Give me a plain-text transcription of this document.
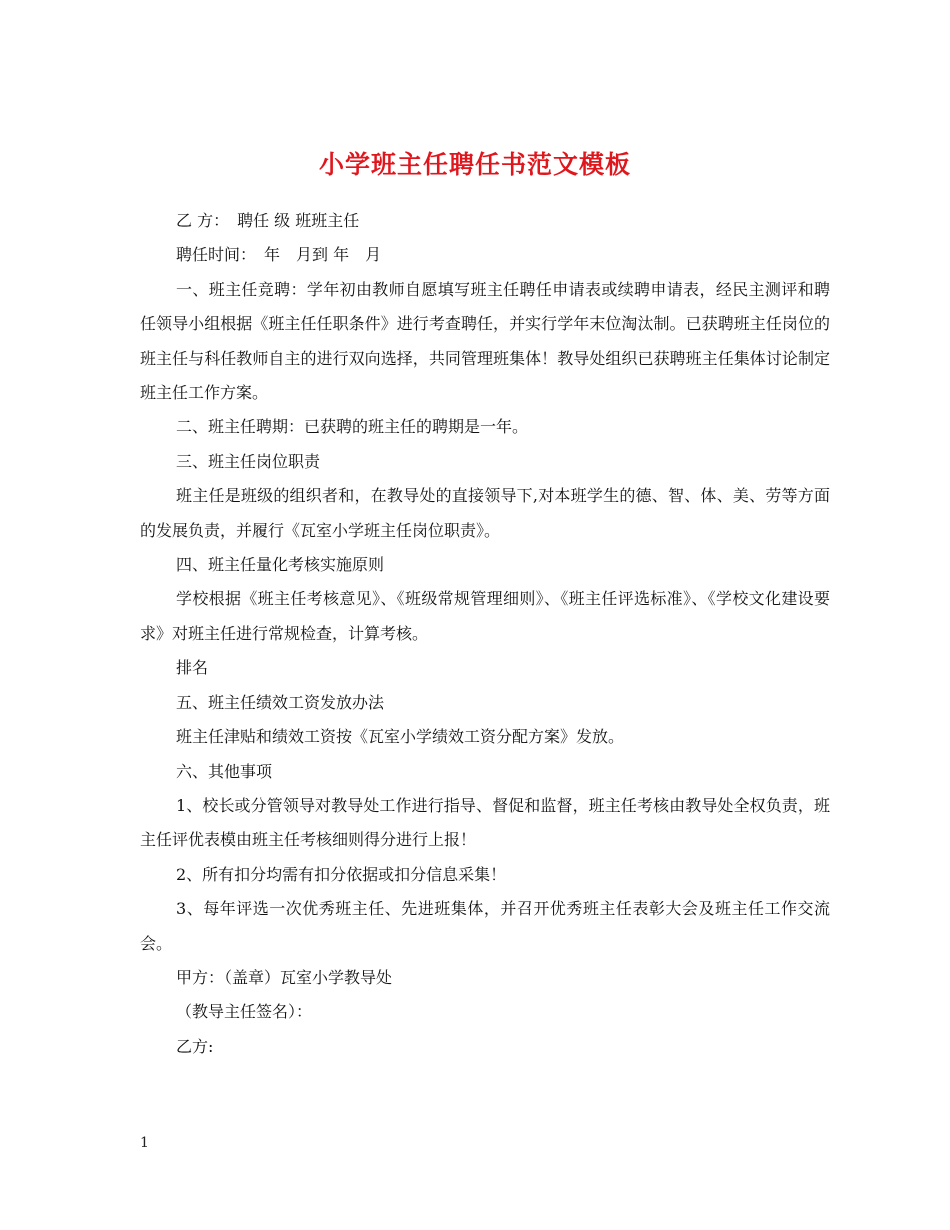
小学班主任聘任书范文模板

乙 方：　聘任 级 班班主任

聘任时间：　年　月到 年　月

一、班主任竞聘：学年初由教师自愿填写班主任聘任申请表或续聘申请表，经民主测评和聘任领导小组根据《班主任任职条件》进行考查聘任，并实行学年末位淘汰制。已获聘班主任岗位的班主任与科任教师自主的进行双向选择，共同管理班集体！教导处组织已获聘班主任集体讨论制定班主任工作方案。

二、班主任聘期：已获聘的班主任的聘期是一年。

三、班主任岗位职责

班主任是班级的组织者和，在教导处的直接领导下,对本班学生的德、智、体、美、劳等方面的发展负责，并履行《瓦室小学班主任岗位职责》。

四、班主任量化考核实施原则

学校根据《班主任考核意见》、《班级常规管理细则》、《班主任评选标准》、《学校文化建设要求》对班主任进行常规检查，计算考核。

排名

五、班主任绩效工资发放办法

班主任津贴和绩效工资按《瓦室小学绩效工资分配方案》发放。

六、其他事项

1、校长或分管领导对教导处工作进行指导、督促和监督，班主任考核由教导处全权负责，班主任评优表模由班主任考核细则得分进行上报！

2、所有扣分均需有扣分依据或扣分信息采集！

3、每年评选一次优秀班主任、先进班集体，并召开优秀班主任表彰大会及班主任工作交流会。

甲方：（盖章）瓦室小学教导处

（教导主任签名）：

乙方:

1
